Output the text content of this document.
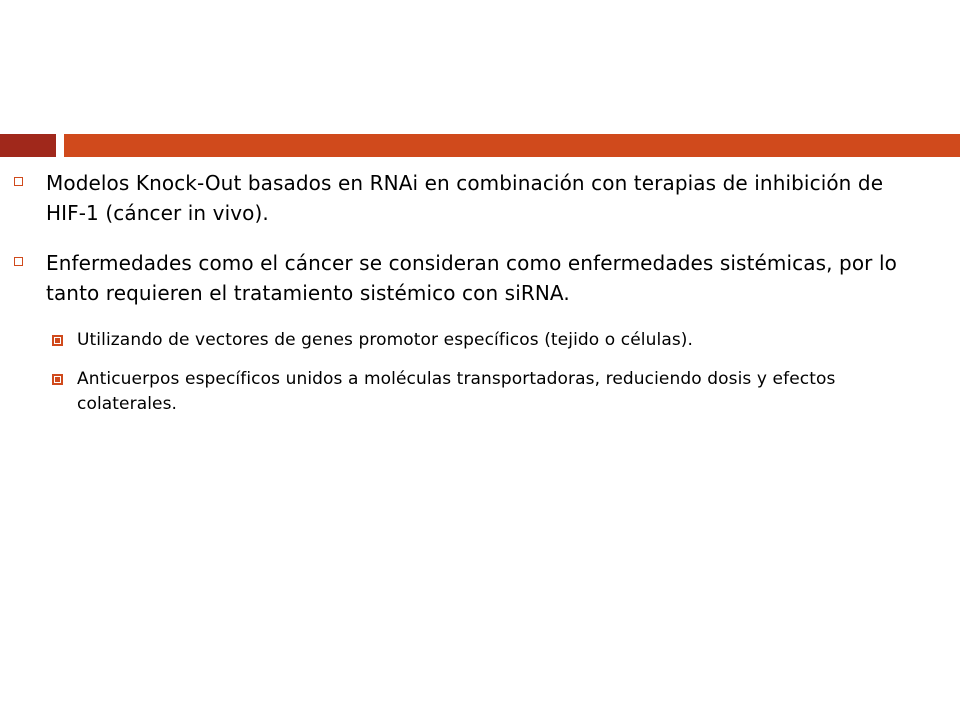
Modelos Knock-Out basados en RNAi en combinación con terapias de inhibición de HIF-1 (cáncer in vivo).
Enfermedades como el cáncer se consideran como enfermedades sistémicas, por lo tanto requieren el tratamiento sistémico con siRNA.
Utilizando de vectores de genes promotor específicos (tejido o células).
Anticuerpos específicos unidos a moléculas transportadoras, reduciendo dosis y efectos colaterales.
